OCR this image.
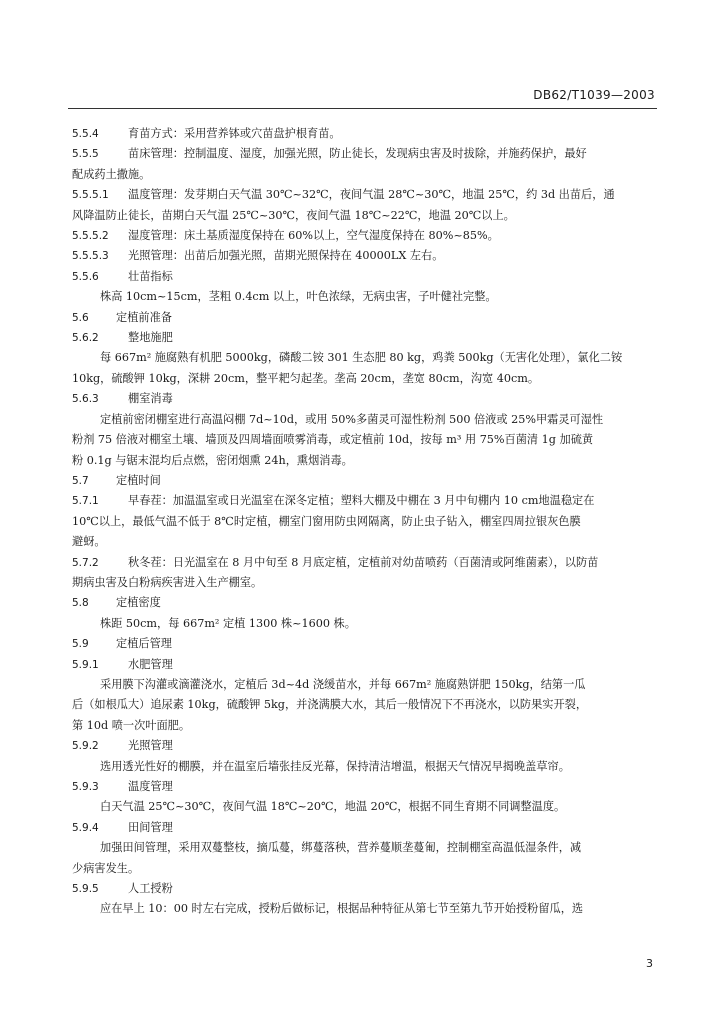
DB62/T1039—2003
5.5.4	育苗方式：采用营养钵或穴苗盘护根育苗。
5.5.5	苗床管理：控制温度、湿度，加强光照，防止徒长，发现病虫害及时拔除，并施药保护，最好
配成药土撒施。
5.5.5.1 温度管理：发芽期白天气温 30℃~32℃，夜间气温 28℃~30℃，地温 25℃，约 3d 出苗后，通
风降温防止徒长，苗期白天气温 25℃~30℃，夜间气温 18℃~22℃，地温 20℃以上。
5.5.5.2 湿度管理：床土基质湿度保持在 60%以上，空气湿度保持在 80%~85%。
5.5.5.3 光照管理：出苗后加强光照，苗期光照保持在 40000LX 左右。
5.5.6	壮苗指标
株高 10cm~15cm，茎粗 0.4cm 以上，叶色浓绿，无病虫害，子叶健社完整。
5.6 定植前准备
5.6.2	整地施肥
每 667m² 施腐熟有机肥 5000kg，磷酸二铵 301 生态肥 80 kg，鸡粪 500kg（无害化处理），氯化二铵
10kg，硫酸钾 10kg，深耕 20cm，整平耙匀起垄。垄高 20cm，垄宽 80cm，沟宽 40cm。
5.6.3	棚室消毒
定植前密闭棚室进行高温闷棚 7d~10d，或用 50%多菌灵可湿性粉剂 500 倍液或 25%甲霜灵可湿性
粉剂 75 倍液对棚室土壤、墙顶及四周墙面喷雾消毒，或定植前 10d，按每 m³ 用 75%百菌清 1g 加硫黄
粉 0.1g 与锯末混均后点燃，密闭烟熏 24h，熏烟消毒。
5.7 定植时间
5.7.1	早春茬：加温温室或日光温室在深冬定植；塑料大棚及中棚在 3 月中旬棚内 10 cm地温稳定在
10℃以上，最低气温不低于 8℃时定植，棚室门窗用防虫网隔离，防止虫子钻入，棚室四周拉银灰色膜
避蚜。
5.7.2	秋冬茬：日光温室在 8 月中旬至 8 月底定植，定植前对幼苗喷药（百菌清或阿维菌素），以防苗
期病虫害及白粉病疾害进入生产棚室。
5.8 定植密度
株距 50cm，每 667m² 定植 1300 株~1600 株。
5.9 定植后管理
5.9.1	水肥管理
采用膜下沟灌或滴灌浇水，定植后 3d~4d 浇缓苗水，并每 667m² 施腐熟饼肥 150kg，结第一瓜
后（如根瓜大）追尿素 10kg，硫酸钾 5kg，并浇满膜大水，其后一般情况下不再浇水，以防果实开裂，
第 10d 喷一次叶面肥。
5.9.2	光照管理
选用透光性好的棚膜，并在温室后墙张挂反光幕，保持清洁增温，根据天气情况早揭晚盖草帘。
5.9.3	温度管理
白天气温 25℃~30℃，夜间气温 18℃~20℃，地温 20℃，根据不同生育期不同调整温度。
5.9.4	田间管理
加强田间管理，采用双蔓整枝，摘瓜蔓，绑蔓落秧，营养蔓顺垄蔓匍，控制棚室高温低湿条件，减
少病害发生。
5.9.5	人工授粉
应在早上 10：00 时左右完成，授粉后做标记，根据品种特征从第七节至第九节开始授粉留瓜，选
3
